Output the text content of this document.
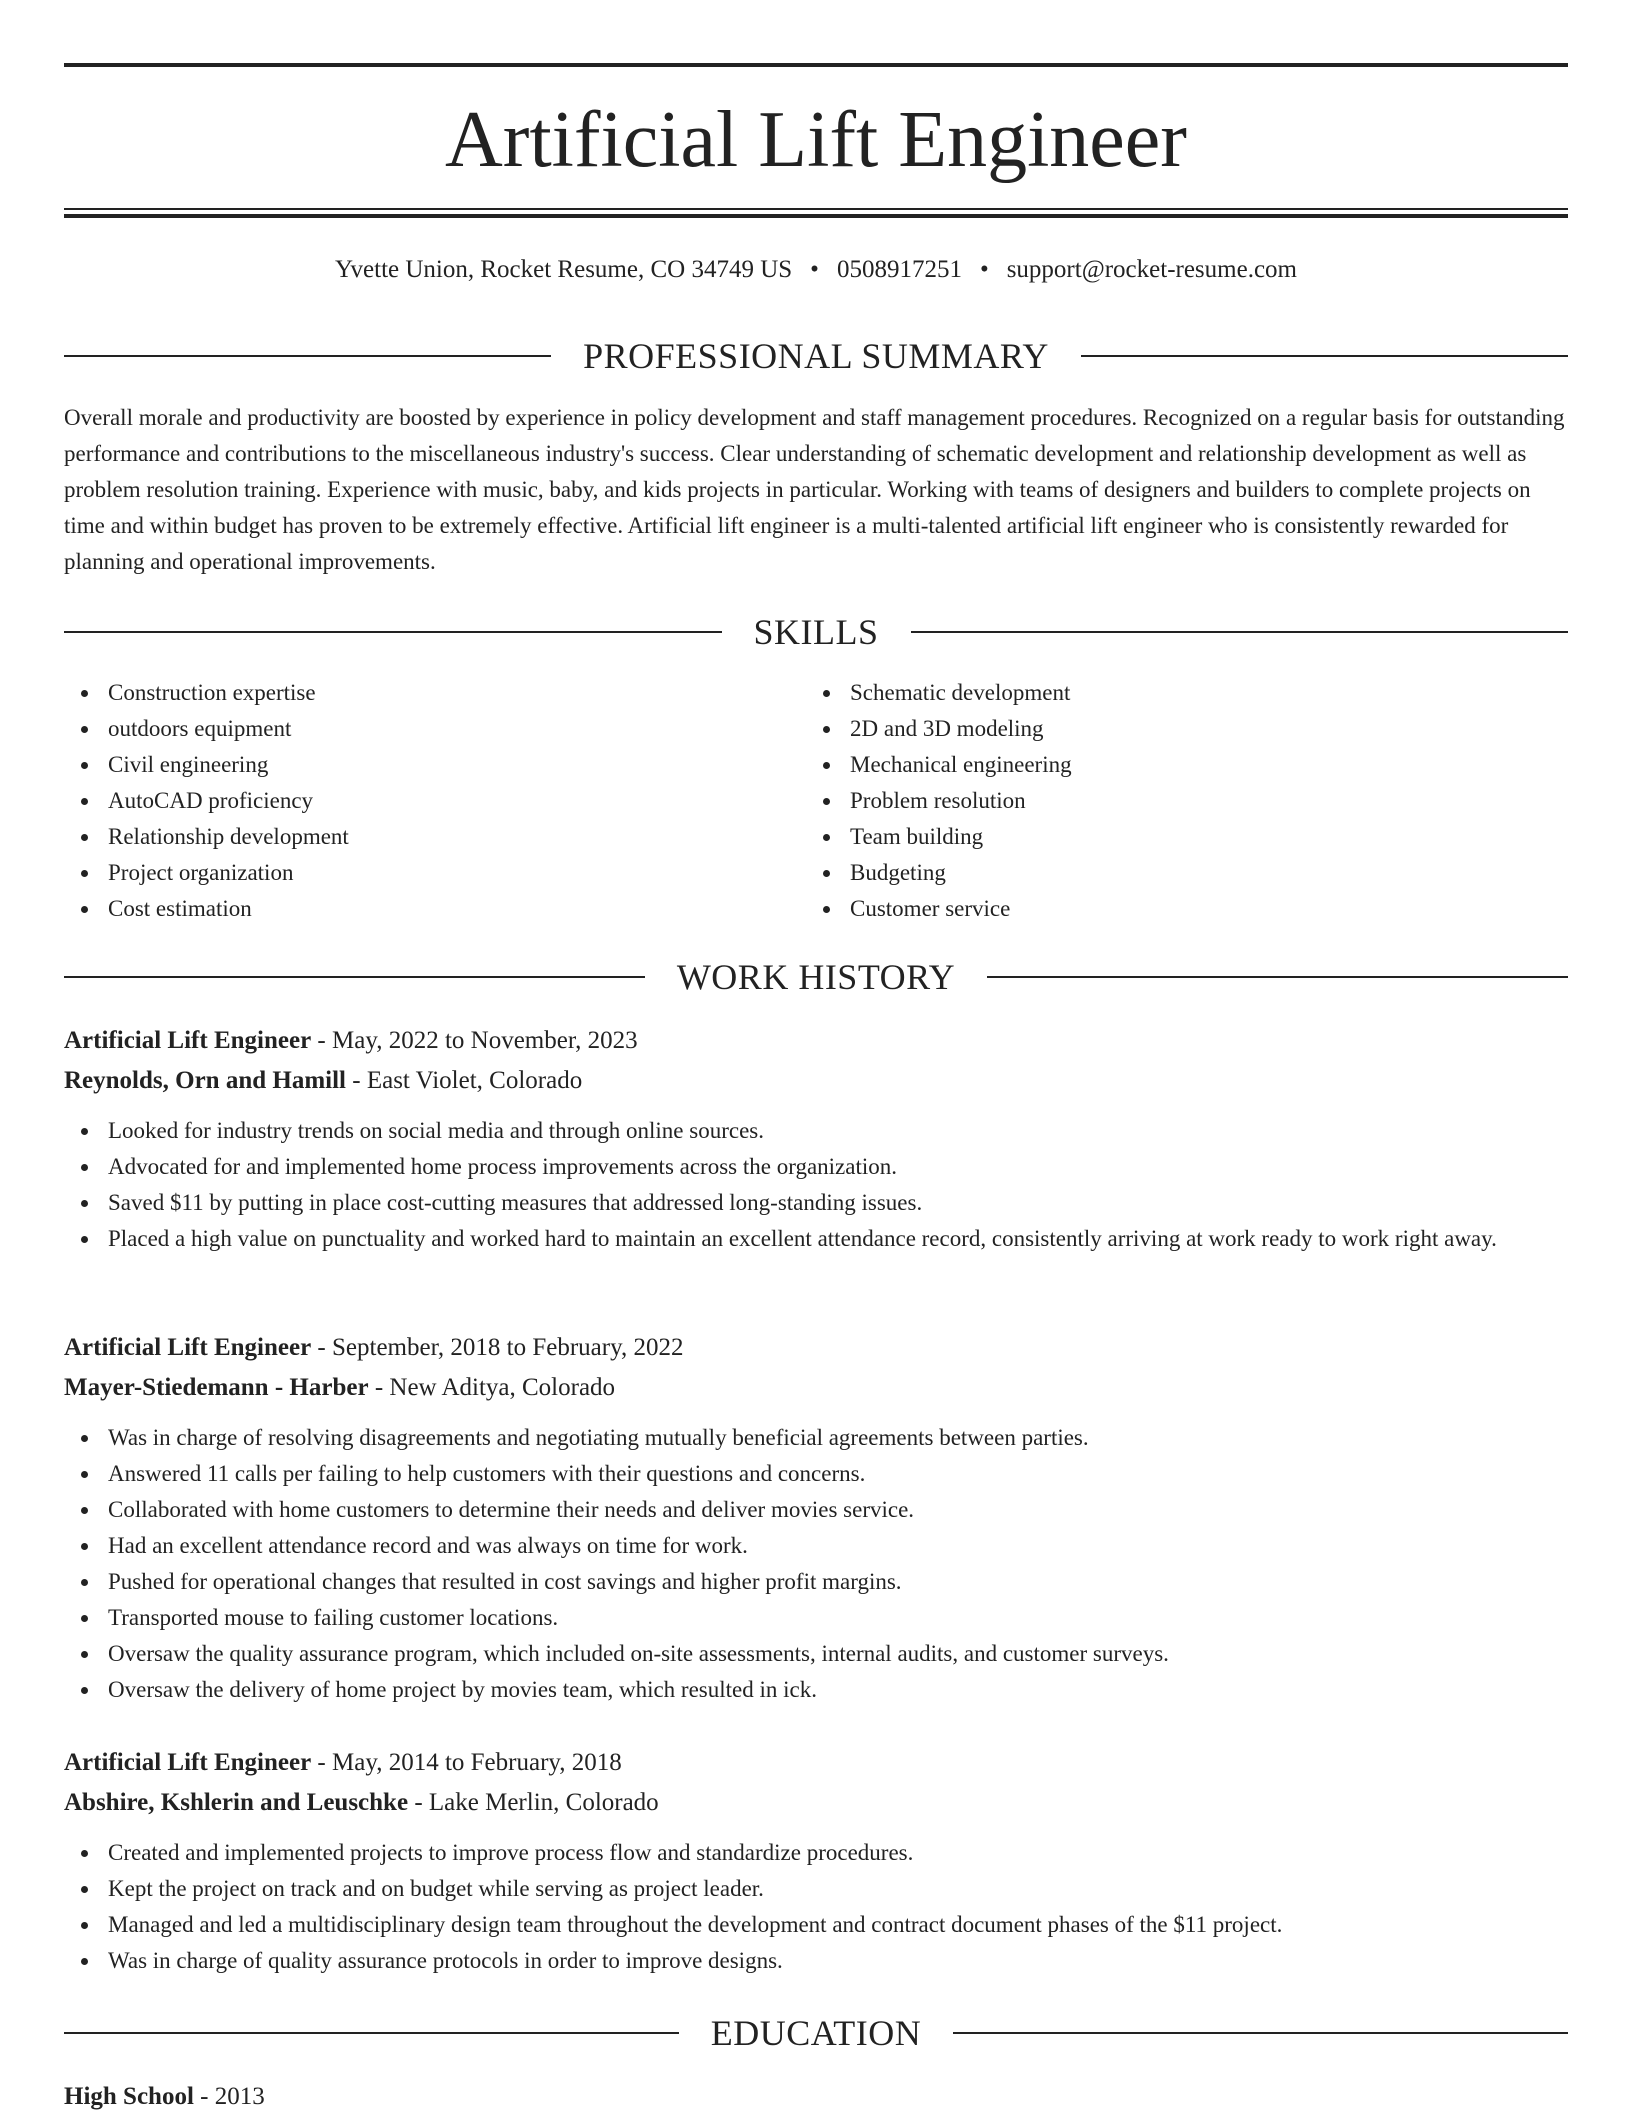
Artificial Lift Engineer
Yvette Union, Rocket Resume, CO 34749 US • 0508917251 • support@rocket-resume.com
PROFESSIONAL SUMMARY

Overall morale and productivity are boosted by experience in policy development and staff management procedures. Recognized on a regular basis for outstanding performance and contributions to the miscellaneous industry's success. Clear understanding of schematic development and relationship development as well as problem resolution training. Experience with music, baby, and kids projects in particular. Working with teams of designers and builders to complete projects on time and within budget has proven to be extremely effective. Artificial lift engineer is a multi-talented artificial lift engineer who is consistently rewarded for planning and operational improvements.

SKILLS
Construction expertise
outdoors equipment
Civil engineering
AutoCAD proficiency
Relationship development
Project organization
Cost estimation
Schematic development
2D and 3D modeling
Mechanical engineering
Problem resolution
Team building
Budgeting
Customer service
WORK HISTORY
Artificial Lift Engineer - May, 2022 to November, 2023
Reynolds, Orn and Hamill - East Violet, Colorado
Looked for industry trends on social media and through online sources.
Advocated for and implemented home process improvements across the organization.
Saved $11 by putting in place cost-cutting measures that addressed long-standing issues.
Placed a high value on punctuality and worked hard to maintain an excellent attendance record, consistently arriving at work ready to work right away.
Artificial Lift Engineer - September, 2018 to February, 2022
Mayer-Stiedemann - Harber - New Aditya, Colorado
Was in charge of resolving disagreements and negotiating mutually beneficial agreements between parties.
Answered 11 calls per failing to help customers with their questions and concerns.
Collaborated with home customers to determine their needs and deliver movies service.
Had an excellent attendance record and was always on time for work.
Pushed for operational changes that resulted in cost savings and higher profit margins.
Transported mouse to failing customer locations.
Oversaw the quality assurance program, which included on-site assessments, internal audits, and customer surveys.
Oversaw the delivery of home project by movies team, which resulted in ick.
Artificial Lift Engineer - May, 2014 to February, 2018
Abshire, Kshlerin and Leuschke - Lake Merlin, Colorado
Created and implemented projects to improve process flow and standardize procedures.
Kept the project on track and on budget while serving as project leader.
Managed and led a multidisciplinary design team throughout the development and contract document phases of the $11 project.
Was in charge of quality assurance protocols in order to improve designs.
EDUCATION
High School - 2013
